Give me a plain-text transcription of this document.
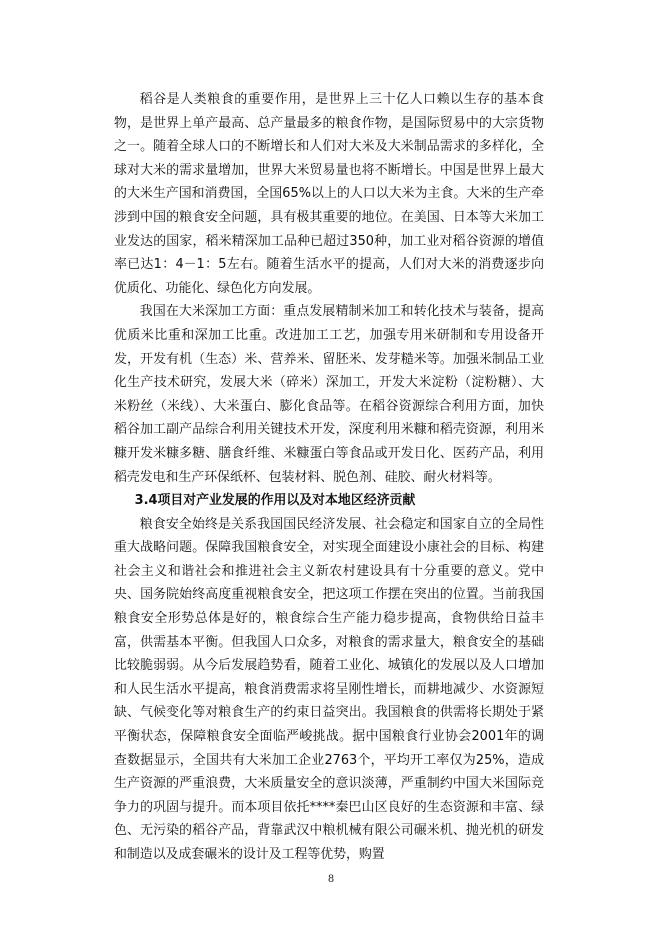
稻谷是人类粮食的重要作用，是世界上三十亿人口赖以生存的基本食物，是世界上单产最高、总产量最多的粮食作物，是国际贸易中的大宗货物之一。随着全球人口的不断增长和人们对大米及大米制品需求的多样化，全球对大米的需求量增加，世界大米贸易量也将不断增长。中国是世界上最大的大米生产国和消费国，全国65%以上的人口以大米为主食。大米的生产牵涉到中国的粮食安全问题，具有极其重要的地位。在美国、日本等大米加工业发达的国家，稻米精深加工品种已超过350种，加工业对稻谷资源的增值率已达1：4－1：5左右。随着生活水平的提高，人们对大米的消费逐步向优质化、功能化、绿色化方向发展。

我国在大米深加工方面：重点发展精制米加工和转化技术与装备，提高优质米比重和深加工比重。改进加工工艺，加强专用米研制和专用设备开发，开发有机（生态）米、营养米、留胚米、发芽糙米等。加强米制品工业化生产技术研究，发展大米（碎米）深加工，开发大米淀粉（淀粉糖）、大米粉丝（米线）、大米蛋白、膨化食品等。在稻谷资源综合利用方面，加快稻谷加工副产品综合利用关键技术开发，深度利用米糠和稻壳资源，利用米糠开发米糠多糖、膳食纤维、米糠蛋白等食品或开发日化、医药产品，利用稻壳发电和生产环保纸杯、包装材料、脱色剂、硅胶、耐火材料等。

3.4项目对产业发展的作用以及对本地区经济贡献

粮食安全始终是关系我国国民经济发展、社会稳定和国家自立的全局性重大战略问题。保障我国粮食安全，对实现全面建设小康社会的目标、构建社会主义和谐社会和推进社会主义新农村建设具有十分重要的意义。党中央、国务院始终高度重视粮食安全，把这项工作摆在突出的位置。当前我国粮食安全形势总体是好的，粮食综合生产能力稳步提高，食物供给日益丰富，供需基本平衡。但我国人口众多，对粮食的需求量大，粮食安全的基础比较脆弱弱。从今后发展趋势看，随着工业化、城镇化的发展以及人口增加和人民生活水平提高，粮食消费需求将呈刚性增长，而耕地减少、水资源短缺、气候变化等对粮食生产的约束日益突出。我国粮食的供需将长期处于紧平衡状态，保障粮食安全面临严峻挑战。据中国粮食行业协会2001年的调查数据显示，全国共有大米加工企业2763个，平均开工率仅为25%，造成生产资源的严重浪费，大米质量安全的意识淡薄，严重制约中国大米国际竞争力的巩固与提升。而本项目依托****秦巴山区良好的生态资源和丰富、绿色、无污染的稻谷产品，背靠武汉中粮机械有限公司碾米机、抛光机的研发和制造以及成套碾米的设计及工程等优势，购置

8
